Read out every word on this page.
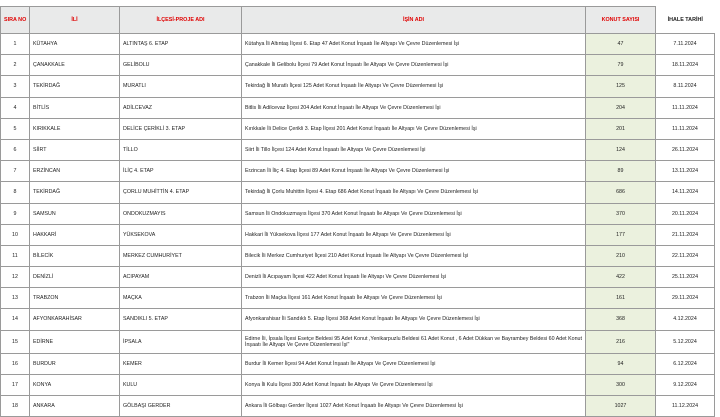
SIRA NO	İLİ	İLÇESİ-PROJE ADI	İŞİN ADI	KONUT SAYISI	İHALE TARİHİ
1	KÜTAHYA	ALTINTAŞ 6. ETAP	Kütahya İli Altıntaş İlçesi 6. Etap 47 Adet Konut İnşaatı İle Altyapı Ve Çevre Düzenlemesi İşi	47	7.11.2024
2	ÇANAKKALE	GELİBOLU	Çanakkale İli Gelibolu İlçesi 79 Adet Konut İnşaatı İle Altyapı Ve Çevre Düzenlemesi İşi	79	18.11.2024
3	TEKİRDAĞ	MURATLI	Tekirdağ İli Muratlı İlçesi 125 Adet Konut İnşaatı İle Altyapı Ve Çevre Düzenlemesi İşi	125	8.11.2024
4	BİTLİS	ADİLCEVAZ	Bitlis İli Adilcevaz İlçesi 204 Adet Konut İnşaatı İle Altyapı Ve Çevre Düzenlemesi İşi	204	11.11.2024
5	KIRIKKALE	DELİCE ÇERİKLİ 3. ETAP	Kırıkkale İli Delice Çerikli 3. Etap İlçesi 201 Adet Konut İnşaatı İle Altyapı Ve Çevre Düzenlemesi İşi	201	11.11.2024
6	SİİRT	TİLLO	Siirt İli Tillo İlçesi 124 Adet Konut İnşaatı İle Altyapı Ve Çevre Düzenlemesi İşi	124	26.11.2024
7	ERZİNCAN	İLİÇ 4. ETAP	Erzincan İli İliç 4. Etap İlçesi 89 Adet Konut İnşaatı İle Altyapı Ve Çevre Düzenlemesi İşi	89	13.11.2024
8	TEKİRDAĞ	ÇORLU MUHİTTİN 4. ETAP	Tekirdağ İli Çorlu Muhittin İlçesi 4. Etap 686 Adet Konut İnşaatı İle Altyapı Ve Çevre Düzenlemesi İşi	686	14.11.2024
9	SAMSUN	ONDOKUZMAYIS	Samsun İli Ondokuzmayıs İlçesi 370 Adet Konut İnşaatı İle Altyapı Ve Çevre Düzenlemesi İşi	370	20.11.2024
10	HAKKARİ	YÜKSEKOVA	Hakkari İli Yüksekova İlçesi 177 Adet Konut İnşaatı İle Altyapı Ve Çevre Düzenlemesi İşi	177	21.11.2024
11	BİLECİK	MERKEZ CUMHURİYET	Bilecik İli Merkez Cumhuriyet İlçesi 210 Adet Konut İnşaatı İle Altyapı Ve Çevre Düzenlemesi İşi	210	22.11.2024
12	DENİZLİ	ACIPAYAM	Denizli İli Acıpayam İlçesi 422 Adet Konut İnşaatı İle Altyapı Ve Çevre Düzenlemesi İşi	422	25.11.2024
13	TRABZON	MAÇKA	Trabzon İli Maçka İlçesi 161 Adet Konut İnşaatı İle Altyapı Ve Çevre Düzenlemesi İşi	161	29.11.2024
14	AFYONKARAHİSAR	SANDIKLI 5. ETAP	Afyonkarahisar İli Sandıklı 5. Etap İlçesi 368 Adet Konut İnşaatı İle Altyapı Ve Çevre Düzenlemesi İşi	368	4.12.2024
15	EDİRNE	İPSALA	Edirne İli, İpsala İlçesi Esetçe Beldesi 95 Adet Konut ,Yenikarpuzlu Beldesi 61 Adet Konut , 6 Adet Dükkan ve Bayrambey Beldesi 60 Adet Konut İnşaatı İle Altyapı Ve Çevre Düzenlemesi İşi"	216	5.12.2024
16	BURDUR	KEMER	Burdur İli Kemer İlçesi 94 Adet Konut İnşaatı İle Altyapı Ve Çevre Düzenlemesi İşi	94	6.12.2024
17	KONYA	KULU	Konya İli Kulu İlçesi 300 Adet Konut İnşaatı İle Altyapı Ve Çevre Düzenlemesi İşi	300	9.12.2024
18	ANKARA	GÖLBAŞI GERDER	Ankara İli Gölbaşı Gerder İlçesi 1027 Adet Konut İnşaatı İle Altyapı Ve Çevre Düzenlemesi İşi	1027	11.12.2024
